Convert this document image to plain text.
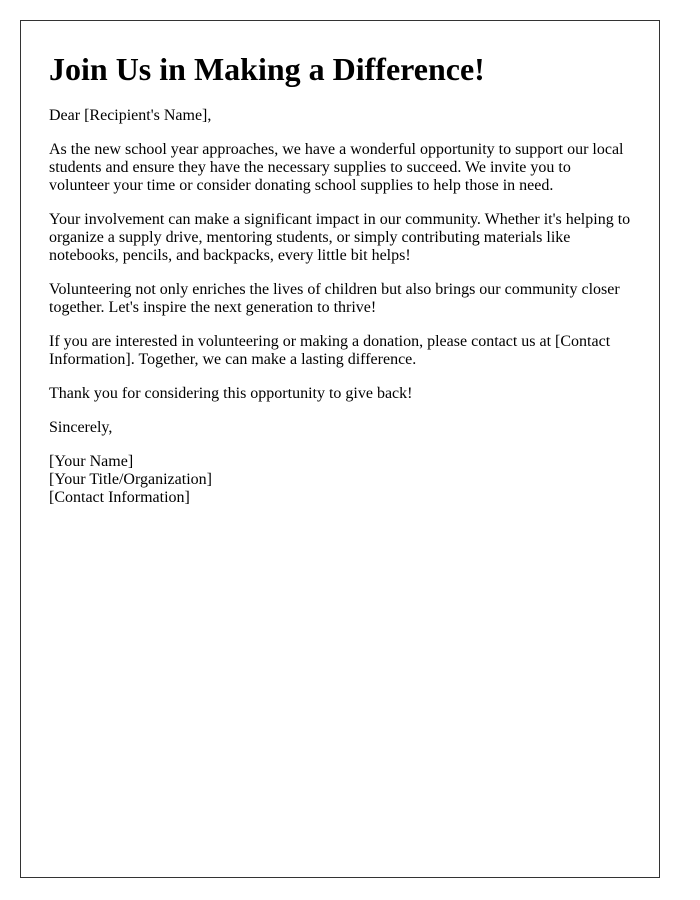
Join Us in Making a Difference!

Dear [Recipient's Name],

As the new school year approaches, we have a wonderful opportunity to support our local students and ensure they have the necessary supplies to succeed. We invite you to volunteer your time or consider donating school supplies to help those in need.

Your involvement can make a significant impact in our community. Whether it's helping to organize a supply drive, mentoring students, or simply contributing materials like notebooks, pencils, and backpacks, every little bit helps!

Volunteering not only enriches the lives of children but also brings our community closer together. Let's inspire the next generation to thrive!

If you are interested in volunteering or making a donation, please contact us at [Contact Information]. Together, we can make a lasting difference.

Thank you for considering this opportunity to give back!

Sincerely,

[Your Name]
[Your Title/Organization]
[Contact Information]
